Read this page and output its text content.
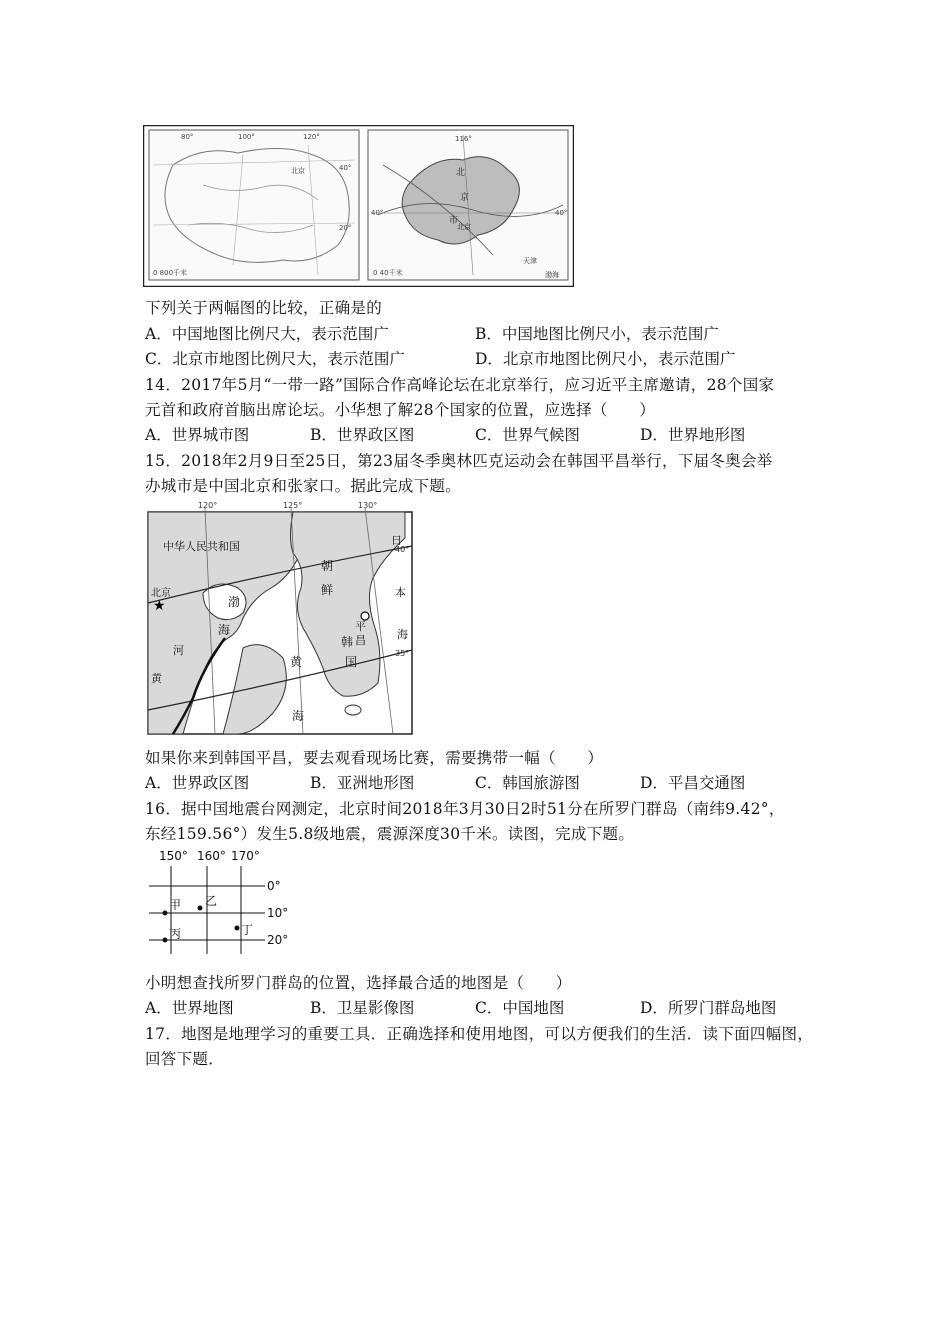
80°	100°	120°
40°
20°
北京
0 800千米
116°
40°	40°
北
京
市
北京
天津
渤海
0 40千米
下列关于两幅图的比较，正确是的
A．中国地图比例尺大，表示范围广	B．中国地图比例尺小，表示范围广
C．北京市地图比例尺大，表示范围广	D．北京市地图比例尺小，表示范围广
14．2017年5月“一带一路”国际合作高峰论坛在北京举行，应习近平主席邀请，28个国家
元首和政府首脑出席论坛。小华想了解28个国家的位置，应选择（　　）
A．世界城市图	B．世界政区图	C．世界气候图	D．世界地形图
15．2018年2月9日至25日，第23届冬季奥林匹克运动会在韩国平昌举行，下届冬奥会举
办城市是中国北京和张家口。据此完成下题。
★
120°	125°	130°
40°
35°
中华人民共和国
北京
朝
鲜
韩
国
平
昌
渤
海
黄
海
日
本
海
河
黄
如果你来到韩国平昌，要去观看现场比赛，需要携带一幅（　　）
A．世界政区图	B．亚洲地形图	C．韩国旅游图	D．平昌交通图
16．据中国地震台网测定，北京时间2018年3月30日2时51分在所罗门群岛（南纬9.42°，
东经159.56°）发生5.8级地震，震源深度30千米。读图，完成下题。
150° 160° 170°
0°
10°
20°
甲 乙
丙	丁
小明想查找所罗门群岛的位置，选择最合适的地图是（　　）
A．世界地图	B．卫星影像图	C．中国地图	D．所罗门群岛地图
17．地图是地理学习的重要工具．正确选择和使用地图，可以方便我们的生活．读下面四幅图，
回答下题．
